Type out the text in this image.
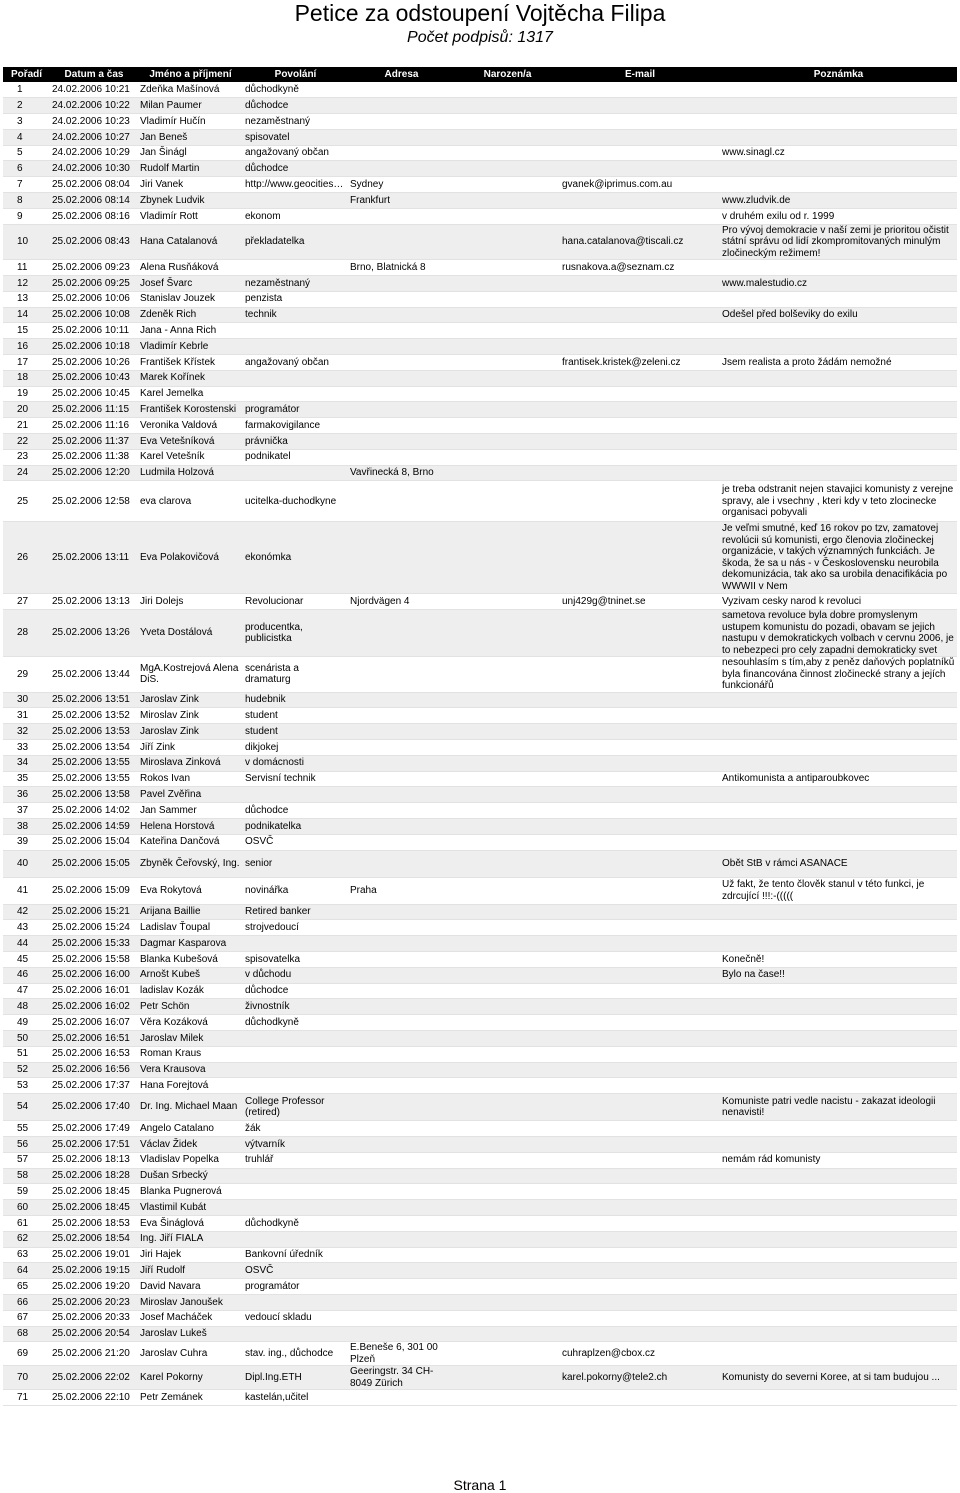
Petice za odstoupení Vojtěcha Filipa
Počet podpisů: 1317
Pořadí	Datum a čas	Jméno a příjmení	Povolání	Adresa	Narozen/a	E-mail	Poznámka
1	24.02.2006 10:21	Zdeňka Mašínová	důchodkyně				
2	24.02.2006 10:22	Milan Paumer	důchodce				
3	24.02.2006 10:23	Vladimír Hučín	nezaměstnaný				
4	24.02.2006 10:27	Jan Beneš	spisovatel				
5	24.02.2006 10:29	Jan Šinágl	angažovaný občan				www.sinagl.cz
6	24.02.2006 10:30	Rudolf Martin	důchodce				
7	25.02.2006 08:04	Jiri Vanek	http://www.geocities…	Sydney		gvanek@iprimus.com.au	
8	25.02.2006 08:14	Zbynek Ludvik		Frankfurt			www.zludvik.de
9	25.02.2006 08:16	Vladimír Rott	ekonom				v druhém exilu od r. 1999
10	25.02.2006 08:43	Hana Catalanová	překladatelka			hana.catalanova@tiscali.cz	Pro vývoj demokracie v naší zemi je prioritou očistit státní správu od lidí zkompromitovaných minulým zločineckým režimem!
11	25.02.2006 09:23	Alena Rusňáková		Brno, Blatnická 8		rusnakova.a@seznam.cz	
12	25.02.2006 09:25	Josef Švarc	nezaměstnaný				www.malestudio.cz
13	25.02.2006 10:06	Stanislav Jouzek	penzista				
14	25.02.2006 10:08	Zdeněk Rich	technik				Odešel před bolševiky do exilu
15	25.02.2006 10:11	Jana - Anna Rich					
16	25.02.2006 10:18	Vladimír Kebrle					
17	25.02.2006 10:26	František Křístek	angažovaný občan			frantisek.kristek@zeleni.cz	Jsem realista a proto žádám nemožné
18	25.02.2006 10:43	Marek Kořínek					
19	25.02.2006 10:45	Karel Jemelka					
20	25.02.2006 11:15	František Korostenski	programátor				
21	25.02.2006 11:16	Veronika Valdová	farmakovigilance				
22	25.02.2006 11:37	Eva Vetešníková	právnička				
23	25.02.2006 11:38	Karel Vetešník	podnikatel				
24	25.02.2006 12:20	Ludmila Holzová		Vavřinecká 8, Brno			
25	25.02.2006 12:58	eva clarova	ucitelka-duchodkyne				je treba odstranit nejen stavajici komunisty z verejne spravy, ale i vsechny , kteri kdy v teto zlocinecke organisaci pobyvali
26	25.02.2006 13:11	Eva Polakovičová	ekonómka				Je veľmi smutné, keď 16 rokov po tzv, zamatovej revolúcii sú komunisti, ergo členovia zločineckej organizácie, v takých významných funkciách. Je škoda, že sa u nás - v Československu neurobila dekomunizácia, tak ako sa urobila denacifikácia po WWWII v Nem
27	25.02.2006 13:13	Jiri Dolejs	Revolucionar	Njordvägen 4		unj429g@tninet.se	Vyzivam cesky narod k revoluci
28	25.02.2006 13:26	Yveta Dostálová	producentka, publicistka				sametova revoluce byla dobre promyslenym ustupem komunistu do pozadi, obavam se jejich nastupu v demokratickych volbach v cervnu 2006, je to nebezpeci pro cely zapadni demokraticky svet
29	25.02.2006 13:44	MgA.Kostrejová Alena DiS.	scenárista a dramaturg				nesouhlasím s tím,aby z peněz daňových poplatníků byla financována činnost zločinecké strany a jejích funkcionářů
30	25.02.2006 13:51	Jaroslav Zink	hudebnik				
31	25.02.2006 13:52	Miroslav Zink	student				
32	25.02.2006 13:53	Jaroslav Zink	student				
33	25.02.2006 13:54	Jiří Zink	dikjokej				
34	25.02.2006 13:55	Miroslava Zinková	v domácnosti				
35	25.02.2006 13:55	Rokos Ivan	Servisní technik				Antikomunista a antiparoubkovec
36	25.02.2006 13:58	Pavel Zvěřina					
37	25.02.2006 14:02	Jan Sammer	důchodce				
38	25.02.2006 14:59	Helena Horstová	podnikatelka				
39	25.02.2006 15:04	Kateřina Dančová	OSVČ				
40	25.02.2006 15:05	Zbyněk Čeřovský, Ing.	senior				Obět StB v rámci ASANACE
41	25.02.2006 15:09	Eva Rokytová	novinářka	Praha			Už fakt, že tento člověk stanul v této funkci, je zdrcující !!!:-(((((
42	25.02.2006 15:21	Arijana Baillie	Retired banker				
43	25.02.2006 15:24	Ladislav Ťoupal	strojvedoucí				
44	25.02.2006 15:33	Dagmar Kasparova					
45	25.02.2006 15:58	Blanka Kubešová	spisovatelka				Konečně!
46	25.02.2006 16:00	Arnošt Kubeš	v důchodu				Bylo na čase!!
47	25.02.2006 16:01	ladislav Kozák	důchodce				
48	25.02.2006 16:02	Petr Schön	živnostník				
49	25.02.2006 16:07	Věra Kozáková	důchodkyně				
50	25.02.2006 16:51	Jaroslav Milek					
51	25.02.2006 16:53	Roman Kraus					
52	25.02.2006 16:56	Vera Krausova					
53	25.02.2006 17:37	Hana Forejtová					
54	25.02.2006 17:40	Dr. Ing. Michael Maan	College Professor (retired)				Komuniste patri vedle nacistu - zakazat ideologii nenavisti!
55	25.02.2006 17:49	Angelo Catalano	žák				
56	25.02.2006 17:51	Václav Židek	výtvarník				
57	25.02.2006 18:13	Vladislav Popelka	truhlář				nemám rád komunisty
58	25.02.2006 18:28	Dušan Srbecký					
59	25.02.2006 18:45	Blanka Pugnerová					
60	25.02.2006 18:45	Vlastimil Kubát					
61	25.02.2006 18:53	Eva Šináglová	důchodkyně				
62	25.02.2006 18:54	Ing. Jiří FIALA					
63	25.02.2006 19:01	Jiri Hajek	Bankovní úředník				
64	25.02.2006 19:15	Jiří Rudolf	OSVČ				
65	25.02.2006 19:20	David Navara	programátor				
66	25.02.2006 20:23	Miroslav Janoušek					
67	25.02.2006 20:33	Josef Macháček	vedoucí skladu				
68	25.02.2006 20:54	Jaroslav Lukeš					
69	25.02.2006 21:20	Jaroslav Cuhra	stav. ing., důchodce	E.Beneše 6, 301 00 Plzeň		cuhraplzen@cbox.cz	
70	25.02.2006 22:02	Karel Pokorny	Dipl.Ing.ETH	Geeringstr. 34 CH-8049 Zürich		karel.pokorny@tele2.ch	Komunisty do severni Koree, at si tam budujou ...
71	25.02.2006 22:10	Petr Zemánek	kastelán,učitel				
Strana 1
